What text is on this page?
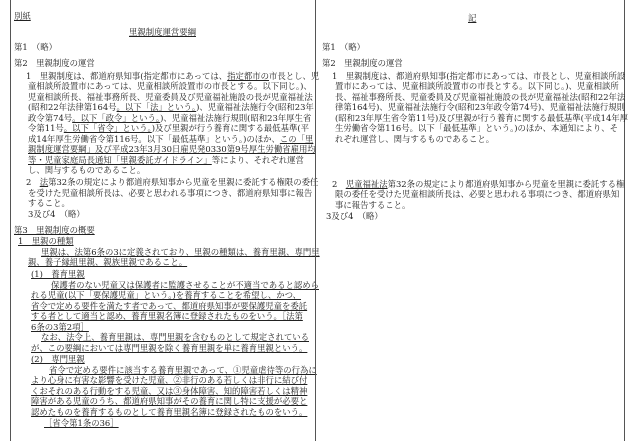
別紙
里親制度運営要綱
第1　（略）
第2　里親制度の運営
1　里親制度は、都道府県知事(指定都市にあっては、指定都市の市長とし、児
童相談所設置市にあっては、児童相談所設置市の市長とする。以下同じ。)、
児童相談所長、福祉事務所長、児童委員及び児童福祉施設の長が児童福祉法
(昭和22年法律第164号。以下「法」という。)、児童福祉法施行令(昭和23年
政令第74号。以下「政令」という。)、児童福祉法施行規則(昭和23年厚生省
令第11号。以下「省令」という。)及び里親が行う養育に関する最低基準(平
成14年厚生労働省令第116号。以下「最低基準」という。)のほか、この「里
親制度運営要綱」及び平成23年3月30日雇児発0330第9号厚生労働省雇用均
等・児童家庭局長通知「里親委託ガイドライン」等により、それぞれ運営
し、関与するものであること。
2　法第32条の規定により都道府県知事から児童を里親に委託する権限の委任
を受けた児童相談所長は、必要と思われる事項につき、都道府県知事に報告
すること。
3及び4　（略）
第3　里親制度の概要
1　里親の種類
里親は、法第6条の3に定義されており、里親の種類は、養育里親、専門里
親、養子縁組里親、親族里親であること。
(1)　養育里親
保護者のない児童又は保護者に監護させることが不適当であると認めら
れる児童(以下「要保護児童」という。)を養育することを希望し、かつ、
省令で定める要件を満たす者であって、都道府県知事が要保護児童を委託
する者として適当と認め、養育里親名簿に登録されたものをいう。［法第
6条の3第2項］
なお、法令上、養育里親は、専門里親を含むものとして規定されている
が、この要綱においては専門里親を除く養育里親を単に養育里親という。
(2)　専門里親
省令で定める要件に該当する養育里親であって、①児童虐待等の行為に
より心身に有害な影響を受けた児童、②非行のある若しくは非行に結び付
くおそれのある行動をする児童、又は③身体障害、知的障害若しくは精神
障害がある児童のうち、都道府県知事がその養育に関し特に支援が必要と
認めたものを養育するものとして養育里親名簿に登録されたものをいう。
［省令第1条の36］
記
第1　（略）
第2　里親制度の運営
1　里親制度は、都道府県知事(指定都市にあっては、市長とし、児童相談所設
置市にあっては、児童相談所設置市の市長とする。以下同じ。)、児童相談所
長、福祉事務所長、児童委員及び児童福祉施設の長が児童福祉法(昭和22年法
律第164号)、児童福祉法施行令(昭和23年政令第74号)、児童福祉法施行規則
(昭和23年厚生省令第11号)及び里親が行う養育に関する最低基準(平成14年厚
生労働省令第116号。以下「最低基準」という。)のほか、本通知により、そ
れぞれ運営し、関与するものであること。
2　児童福祉法第32条の規定により都道府県知事から児童を里親に委託する権
限の委任を受けた児童相談所長は、必要と思われる事項につき、都道府県知
事に報告すること。
3及び4　（略）
